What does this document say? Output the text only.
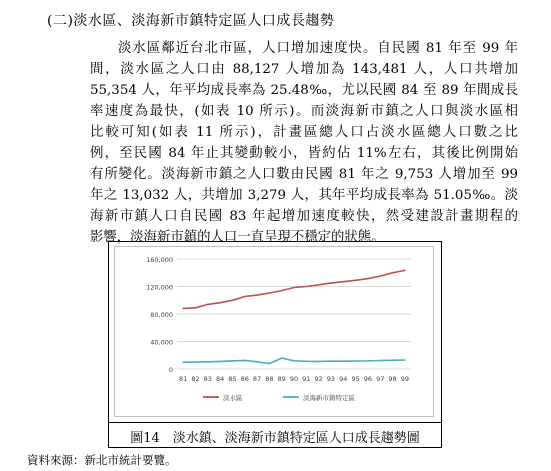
(二)淡水區、淡海新市鎮特定區人口成長趨勢
淡水區鄰近台北市區，人口增加速度快。自民國 81 年至 99 年
間，淡水區之人口由 88,127 人增加為 143,481 人，人口共增加
55,354 人，年平均成長率為 25.48‰，尤以民國 84 至 89 年間成長
率速度為最快，(如表 10 所示)。而淡海新市鎮之人口與淡水區相
比較可知(如表 11 所示)，計畫區總人口占淡水區總人口數之比
例，至民國 84 年止其變動較小，皆約佔 11%左右，其後比例開始
有所變化。淡海新市鎮之人口數由民國 81 年之 9,753 人增加至 99
年之 13,032 人，共增加 3,279 人，其年平均成長率為 51.05‰。淡
海新市鎮人口自民國 83 年起增加速度較快，然受建設計畫期程的
影響，淡海新市鎮的人口一直呈現不穩定的狀態。
0
40,000
80,000
120,000
160,000
81 82 83 84 85 86 87 88 89 90 91 92 93 94 95 96 97 98 99
淡水區	淡海新市鎮特定區
圖14　淡水鎮、淡海新市鎮特定區人口成長趨勢圖
資料來源：新北市統計要覽。
